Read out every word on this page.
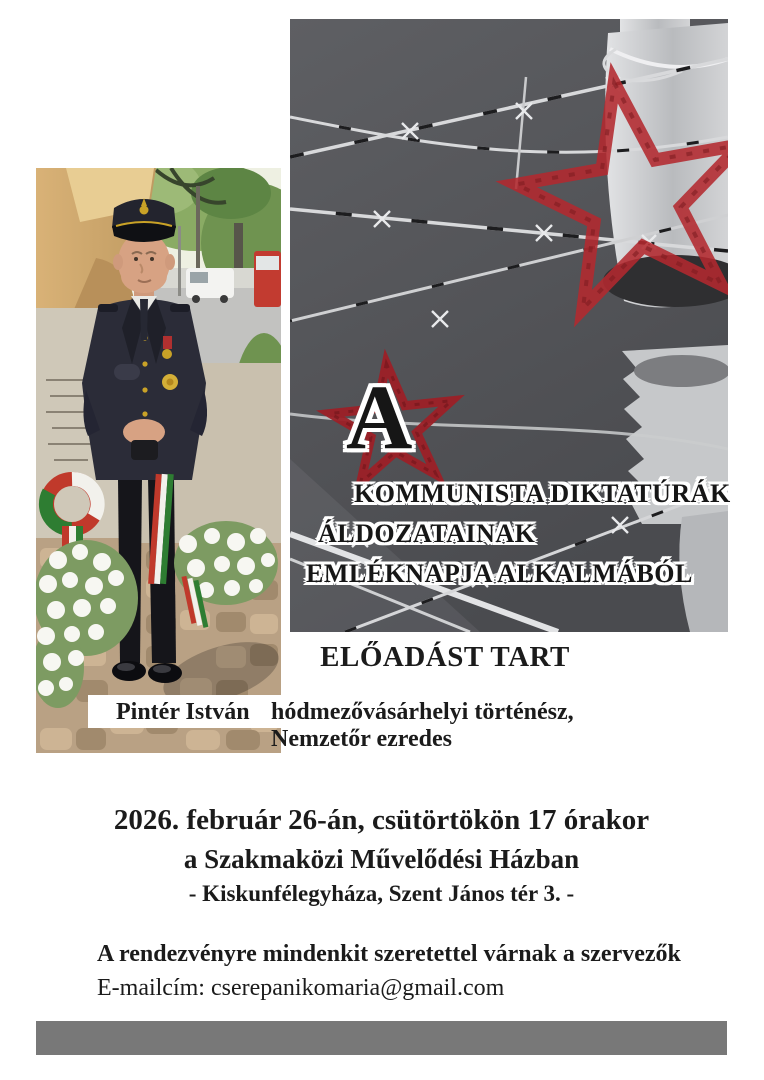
A
KOMMUNISTA DIKTATÚRÁK
ÁLDOZATAINAK
EMLÉKNAPJA ALKALMÁBÓL
ELŐADÁST TART
Pintér István hódmezővásárhelyi történész,
Nemzetőr ezredes
2026. február 26-án, csütörtökön 17 órakor
a Szakmaközi Művelődési Házban
- Kiskunfélegyháza, Szent János tér 3. -
A rendezvényre mindenkit szeretettel várnak a szervezők
E-mailcím: cserepanikomaria@gmail.com
